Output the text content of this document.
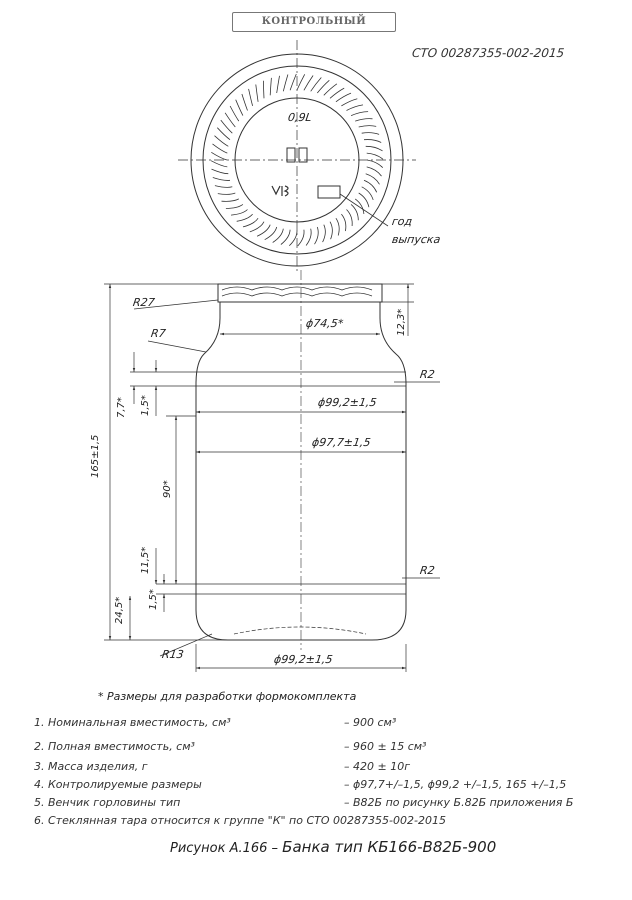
КОНТРОЛЬНЫЙ
СТО 00287355-002-2015
0,9L
год
выпуска
R27
R7
R2
R2
R13
ϕ74,5*
ϕ99,2±1,5
ϕ97,7±1,5
ϕ99,2±1,5
12,3*
165±1,5
7,7* 1,5*
90*
11,5*
1,5*
24,5*
* Размеры для разработки формокомплекта
1. Номинальная вместимость, см³	– 900 см³
2. Полная вместимость, см³	– 960 ± 15 см³
3. Масса изделия, г	– 420 ± 10г
4. Контролируемые размеры	– ϕ97,7+/–1,5, ϕ99,2 +/–1,5, 165 +/–1,5
5. Венчик горловины тип	– В82Б по рисунку Б.82Б приложения Б
6. Стеклянная тара относится к группе "К" по СТО 00287355-002-2015
Рисунок А.166 – Банка тип КБ166-В82Б-900
